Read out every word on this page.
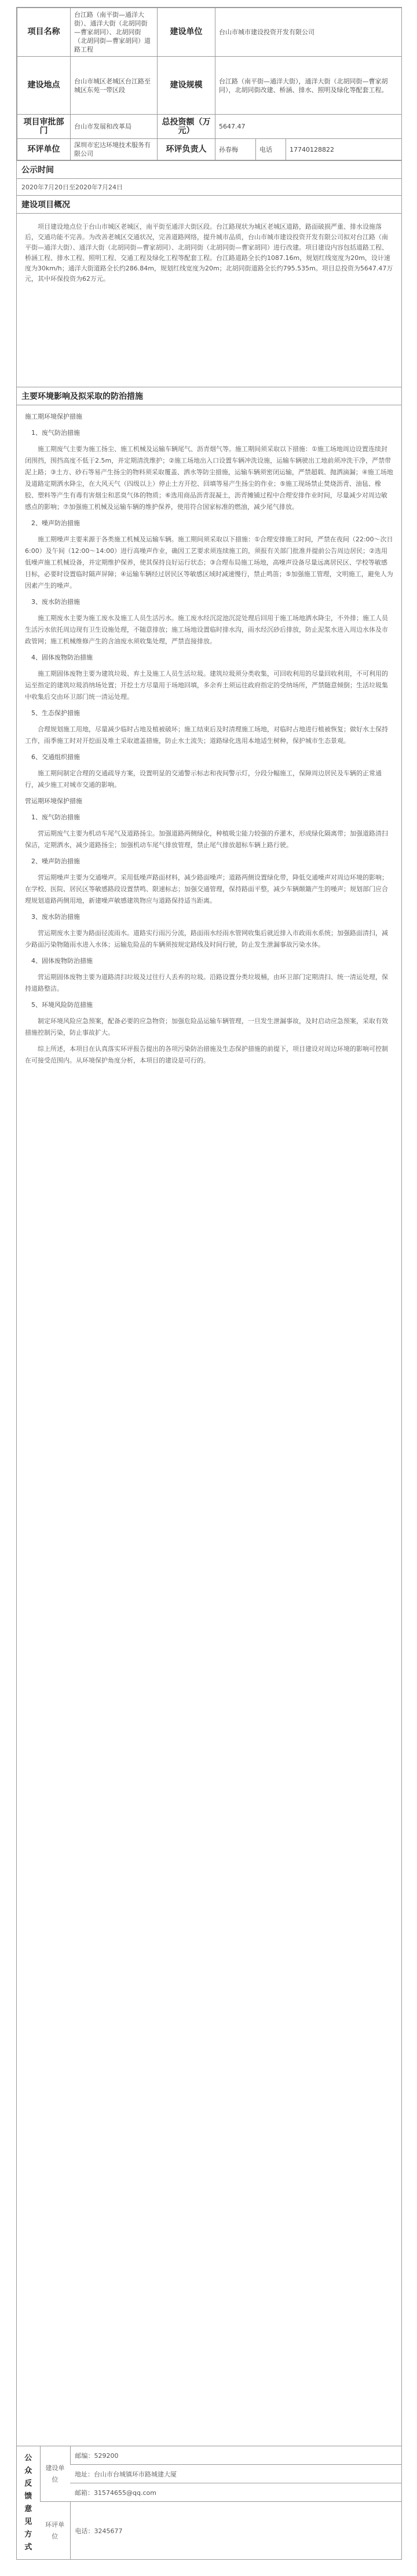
项目名称	台江路（南平街—通洋大街）、通洋大街（北胡同街—曹家胡同）、北胡同街（北胡同街—曹家胡同）道路工程	建设单位	台山市城市建设投资开发有限公司		
建设地点	台山市城区老城区台江路至城区东苑一带区段	建设规模	台江路（南平街—通洋大街），通洋大街（北胡同街—曹家胡同），北胡同街改建、桥涵、排水、照明及绿化等配套工程。		
项目审批部门	台山市发展和改革局	总投资额（万元）	5647.47		
环评单位	深圳市宏达环境技术服务有限公司	环评负责人	孙春梅	电话	17740128822
公示时间
2020年7月20日至2020年7月24日
建设项目概况
项目建设地点位于台山市城区老城区，南平街至通洋大街区段。台江路现状为城区老城区道路，路面破损严重、排水设施落后，交通功能不完善。为改善老城区交通状况，完善道路网络，提升城市品质，台山市城市建设投资开发有限公司拟对台江路（南平街—通洋大街）、通洋大街（北胡同街—曹家胡同）、北胡同街（北胡同街—曹家胡同）进行改建。项目建设内容包括道路工程、桥涵工程、排水工程、照明工程、交通工程及绿化工程等配套工程。台江路道路全长约1087.16m，规划红线宽度为20m，设计速度为30km/h；通洋大街道路全长约286.84m，规划红线宽度为20m；北胡同街道路全长约795.535m。项目总投资为5647.47万元，其中环保投资为62万元。
主要环境影响及拟采取的防治措施

施工期环境保护措施

1、废气防治措施

施工期废气主要为施工扬尘、施工机械及运输车辆尾气、沥青烟气等。施工期间须采取以下措施：①施工场地周边设置连续封闭围挡，围挡高度不低于2.5m，并定期清洗维护；②施工场地出入口设置车辆冲洗设施，运输车辆驶出工地前须冲洗干净，严禁带泥上路；③土方、砂石等易产生扬尘的物料须采取覆盖、洒水等防尘措施，运输车辆须密闭运输，严禁超载、抛洒滴漏；④施工场地及道路定期洒水降尘，在大风天气（四级以上）停止土方开挖、回填等易产生扬尘的作业；⑤施工现场禁止焚烧沥青、油毡、橡胶、塑料等产生有毒有害烟尘和恶臭气体的物质；⑥选用商品沥青混凝土，沥青摊铺过程中合理安排作业时间，尽量减少对周边敏感点的影响；⑦加强施工机械及运输车辆的维护保养，使用符合国家标准的燃油，减少尾气排放。

2、噪声防治措施

施工期噪声主要来源于各类施工机械及运输车辆。施工期间须采取以下措施：①合理安排施工时间，严禁在夜间（22:00～次日6:00）及午间（12:00～14:00）进行高噪声作业，确因工艺要求须连续施工的，须报有关部门批准并提前公告周边居民；②选用低噪声施工机械设备，并定期维护保养，使其保持良好运行状态；③合理布局施工场地，高噪声设备尽量远离居民区、学校等敏感目标，必要时设置临时隔声屏障；④运输车辆经过居民区等敏感区域时减速慢行，禁止鸣笛；⑤加强施工管理，文明施工，避免人为因素产生的噪声。

3、废水防治措施

施工期废水主要为施工废水及施工人员生活污水。施工废水经沉淀池沉淀处理后回用于施工场地洒水降尘，不外排；施工人员生活污水依托周边现有卫生设施处理，不随意排放；施工场地设置临时排水沟，雨水经沉砂后排放，防止泥浆水进入周边水体及市政管网；施工机械维修产生的含油废水须收集处理，严禁直接排放。

4、固体废物防治措施

施工期固体废物主要为建筑垃圾、弃土及施工人员生活垃圾。建筑垃圾须分类收集，可回收利用的尽量回收利用，不可利用的运至指定的建筑垃圾消纳场处置；开挖土方尽量用于场地回填，多余弃土须运往政府指定的受纳场所，严禁随意倾倒；生活垃圾集中收集后交由环卫部门统一清运处理。

5、生态保护措施

合理规划施工用地，尽量减少临时占地及植被破坏；施工结束后及时清理施工场地，对临时占地进行植被恢复；做好水土保持工作，雨季施工时对开挖面及堆土采取遮盖措施，防止水土流失；道路绿化选用本地适生树种，保护城市生态景观。

6、交通组织措施

施工期间制定合理的交通疏导方案，设置明显的交通警示标志和夜间警示灯，分段分幅施工，保障周边居民及车辆的正常通行，减少施工对城市交通的影响。

营运期环境保护措施

1、废气防治措施

营运期废气主要为机动车尾气及道路扬尘。加强道路两侧绿化，种植吸尘能力较强的乔灌木，形成绿化隔离带；加强道路清扫保洁，定期洒水，减少道路扬尘；加强机动车尾气排放管理，禁止尾气排放超标车辆上路行驶。

2、噪声防治措施

营运期噪声主要为交通噪声。采用低噪声路面材料，减少路面噪声；道路两侧设置绿化带，降低交通噪声对周边环境的影响；在学校、医院、居民区等敏感路段设置禁鸣、限速标志；加强交通管理，保持路面平整，减少车辆颠簸产生的噪声；规划部门应合理规划道路两侧用地，新建噪声敏感建筑物应与道路保持适当距离。

3、废水防治措施

营运期废水主要为路面径流雨水。道路实行雨污分流，路面雨水经雨水管网收集后就近排入市政雨水系统；加强路面清扫，减少路面污染物随雨水进入水体；运输危险品的车辆须按规定路线及时间行驶，防止发生泄漏事故污染水体。

4、固体废物防治措施

营运期固体废物主要为道路清扫垃圾及过往行人丢弃的垃圾。沿路设置分类垃圾桶，由环卫部门定期清扫、统一清运处理，保持道路整洁。

5、环境风险防范措施

制定环境风险应急预案，配备必要的应急物资；加强危险品运输车辆管理，一旦发生泄漏事故，及时启动应急预案，采取有效措施控制污染，防止事故扩大。

综上所述，本项目在认真落实环评报告提出的各项污染防治措施及生态保护措施的前提下，项目建设对周边环境的影响可控制在可接受范围内。从环境保护角度分析，本项目的建设是可行的。

公众反馈意见方式	建设单位	邮编：529200
		地址：台山市台城镇环市路城建大厦
		邮箱：31574655@qq.com
	环评单位	电话：3245677
